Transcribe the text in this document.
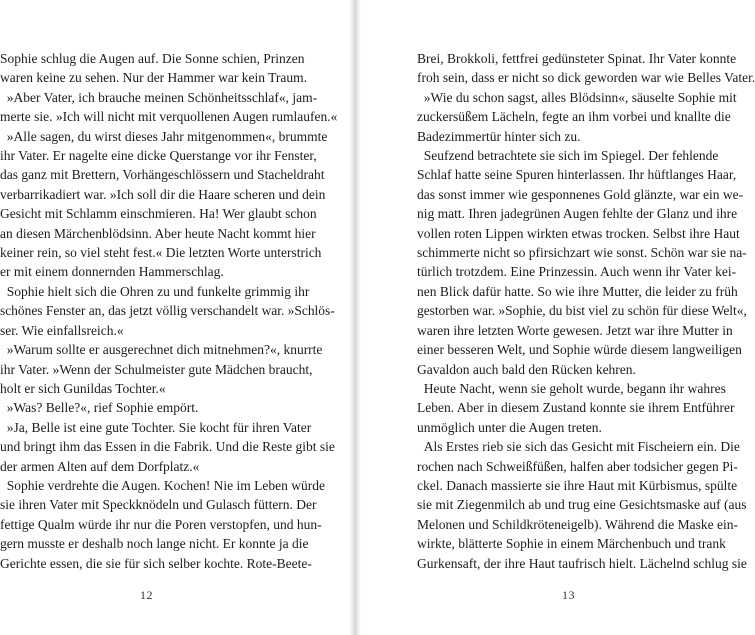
Sophie schlug die Augen auf. Die Sonne schien, Prinzen
waren keine zu sehen. Nur der Hammer war kein Traum.
»Aber Vater, ich brauche meinen Schönheitsschlaf«, jam-
merte sie. »Ich will nicht mit verquollenen Augen rumlaufen.«
»Alle sagen, du wirst dieses Jahr mitgenommen«, brummte
ihr Vater. Er nagelte eine dicke Querstange vor ihr Fenster,
das ganz mit Brettern, Vorhängeschlössern und Stacheldraht
verbarrikadiert war. »Ich soll dir die Haare scheren und dein
Gesicht mit Schlamm einschmieren. Ha! Wer glaubt schon
an diesen Märchenblödsinn. Aber heute Nacht kommt hier
keiner rein, so viel steht fest.« Die letzten Worte unterstrich
er mit einem donnernden Hammerschlag.
Sophie hielt sich die Ohren zu und funkelte grimmig ihr
schönes Fenster an, das jetzt völlig verschandelt war. »Schlös-
ser. Wie einfallsreich.«
»Warum sollte er ausgerechnet dich mitnehmen?«, knurrte
ihr Vater. »Wenn der Schulmeister gute Mädchen braucht,
holt er sich Gunildas Tochter.«
»Was? Belle?«, rief Sophie empört.
»Ja, Belle ist eine gute Tochter. Sie kocht für ihren Vater
und bringt ihm das Essen in die Fabrik. Und die Reste gibt sie
der armen Alten auf dem Dorfplatz.«
Sophie verdrehte die Augen. Kochen! Nie im Leben würde
sie ihren Vater mit Speckknödeln und Gulasch füttern. Der
fettige Qualm würde ihr nur die Poren verstopfen, und hun-
gern musste er deshalb noch lange nicht. Er konnte ja die
Gerichte essen, die sie für sich selber kochte. Rote-Beete-
12
Brei, Brokkoli, fettfrei gedünsteter Spinat. Ihr Vater konnte
froh sein, dass er nicht so dick geworden war wie Belles Vater.
»Wie du schon sagst, alles Blödsinn«, säuselte Sophie mit
zuckersüßem Lächeln, fegte an ihm vorbei und knallte die
Badezimmertür hinter sich zu.
Seufzend betrachtete sie sich im Spiegel. Der fehlende
Schlaf hatte seine Spuren hinterlassen. Ihr hüftlanges Haar,
das sonst immer wie gesponnenes Gold glänzte, war ein we-
nig matt. Ihren jadegrünen Augen fehlte der Glanz und ihre
vollen roten Lippen wirkten etwas trocken. Selbst ihre Haut
schimmerte nicht so pfirsichzart wie sonst. Schön war sie na-
türlich trotzdem. Eine Prinzessin. Auch wenn ihr Vater kei-
nen Blick dafür hatte. So wie ihre Mutter, die leider zu früh
gestorben war. »Sophie, du bist viel zu schön für diese Welt«,
waren ihre letzten Worte gewesen. Jetzt war ihre Mutter in
einer besseren Welt, und Sophie würde diesem langweiligen
Gavaldon auch bald den Rücken kehren.
Heute Nacht, wenn sie geholt wurde, begann ihr wahres
Leben. Aber in diesem Zustand konnte sie ihrem Entführer
unmöglich unter die Augen treten.
Als Erstes rieb sie sich das Gesicht mit Fischeiern ein. Die
rochen nach Schweißfüßen, halfen aber todsicher gegen Pi-
ckel. Danach massierte sie ihre Haut mit Kürbismus, spülte
sie mit Ziegenmilch ab und trug eine Gesichtsmaske auf (aus
Melonen und Schildkröteneigelb). Während die Maske ein-
wirkte, blätterte Sophie in einem Märchenbuch und trank
Gurkensaft, der ihre Haut taufrisch hielt. Lächelnd schlug sie
13
